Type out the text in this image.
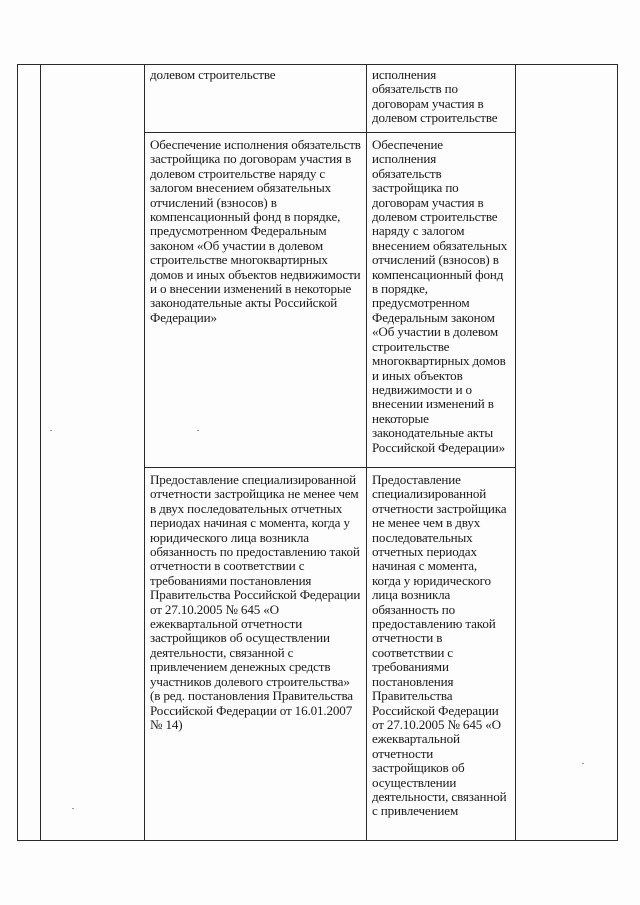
долевом строительстве	исполнения
обязательств по
договорам участия в
долевом строительстве
Обеспечение исполнения обязательств
застройщика по договорам участия в
долевом строительстве наряду с
залогом внесением обязательных
отчислений (взносов) в
компенсационный фонд в порядке,
предусмотренном Федеральным
законом «Об участии в долевом
строительстве многоквартирных
домов и иных объектов недвижимости
и о внесении изменений в некоторые
законодательные акты Российской
Федерации»
Обеспечение
исполнения
обязательств
застройщика по
договорам участия в
долевом строительстве
наряду с залогом
внесением обязательных
отчислений (взносов) в
компенсационный фонд
в порядке,
предусмотренном
Федеральным законом
«Об участии в долевом
строительстве
многоквартирных домов
и иных объектов
недвижимости и о
внесении изменений в
некоторые
законодательные акты
Российской Федерации»
Предоставление специализированной
отчетности застройщика не менее чем
в двух последовательных отчетных
периодах начиная с момента, когда у
юридического лица возникла
обязанность по предоставлению такой
отчетности в соответствии с
требованиями постановления
Правительства Российской Федерации
от 27.10.2005 № 645 «О
ежеквартальной отчетности
застройщиков об осуществлении
деятельности, связанной с
привлечением денежных средств
участников долевого строительства»
(в ред. постановления Правительства
Российской Федерации от 16.01.2007
№ 14)
Предоставление
специализированной
отчетности застройщика
не менее чем в двух
последовательных
отчетных периодах
начиная с момента,
когда у юридического
лица возникла
обязанность по
предоставлению такой
отчетности в
соответствии с
требованиями
постановления
Правительства
Российской Федерации
от 27.10.2005 № 645 «О
ежеквартальной
отчетности
застройщиков об
осуществлении
деятельности, связанной
с привлечением
